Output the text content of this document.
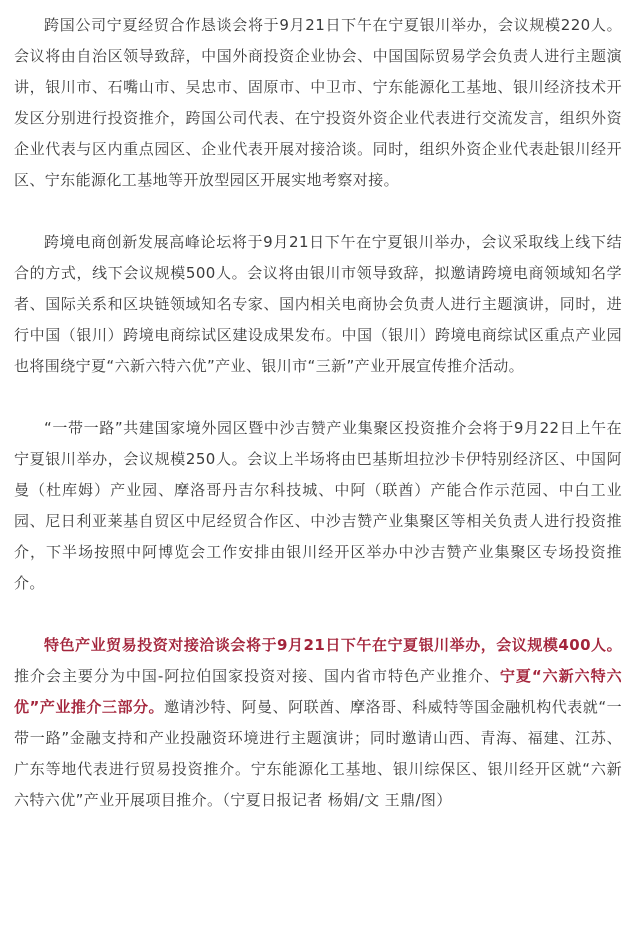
跨国公司宁夏经贸合作恳谈会将于9月21日下午在宁夏银川举办，会议规模220人。会议将由自治区领导致辞，中国外商投资企业协会、中国国际贸易学会负责人进行主题演讲，银川市、石嘴山市、吴忠市、固原市、中卫市、宁东能源化工基地、银川经济技术开发区分别进行投资推介，跨国公司代表、在宁投资外资企业代表进行交流发言，组织外资企业代表与区内重点园区、企业代表开展对接洽谈。同时，组织外资企业代表赴银川经开区、宁东能源化工基地等开放型园区开展实地考察对接。

跨境电商创新发展高峰论坛将于9月21日下午在宁夏银川举办，会议采取线上线下结合的方式，线下会议规模500人。会议将由银川市领导致辞，拟邀请跨境电商领域知名学者、国际关系和区块链领域知名专家、国内相关电商协会负责人进行主题演讲，同时，进行中国（银川）跨境电商综试区建设成果发布。中国（银川）跨境电商综试区重点产业园也将围绕宁夏“六新六特六优”产业、银川市“三新”产业开展宣传推介活动。

“一带一路”共建国家境外园区暨中沙吉赞产业集聚区投资推介会将于9月22日上午在宁夏银川举办，会议规模250人。会议上半场将由巴基斯坦拉沙卡伊特别经济区、中国阿曼（杜库姆）产业园、摩洛哥丹吉尔科技城、中阿（联酋）产能合作示范园、中白工业园、尼日利亚莱基自贸区中尼经贸合作区、中沙吉赞产业集聚区等相关负责人进行投资推介，下半场按照中阿博览会工作安排由银川经开区举办中沙吉赞产业集聚区专场投资推介。

特色产业贸易投资对接洽谈会将于9月21日下午在宁夏银川举办，会议规模400人。推介会主要分为中国-阿拉伯国家投资对接、国内省市特色产业推介、宁夏“六新六特六优”产业推介三部分。邀请沙特、阿曼、阿联酋、摩洛哥、科威特等国金融机构代表就“一带一路”金融支持和产业投融资环境进行主题演讲；同时邀请山西、青海、福建、江苏、广东等地代表进行贸易投资推介。宁东能源化工基地、银川综保区、银川经开区就“六新六特六优”产业开展项目推介。（宁夏日报记者 杨娟/文 王鼎/图）
